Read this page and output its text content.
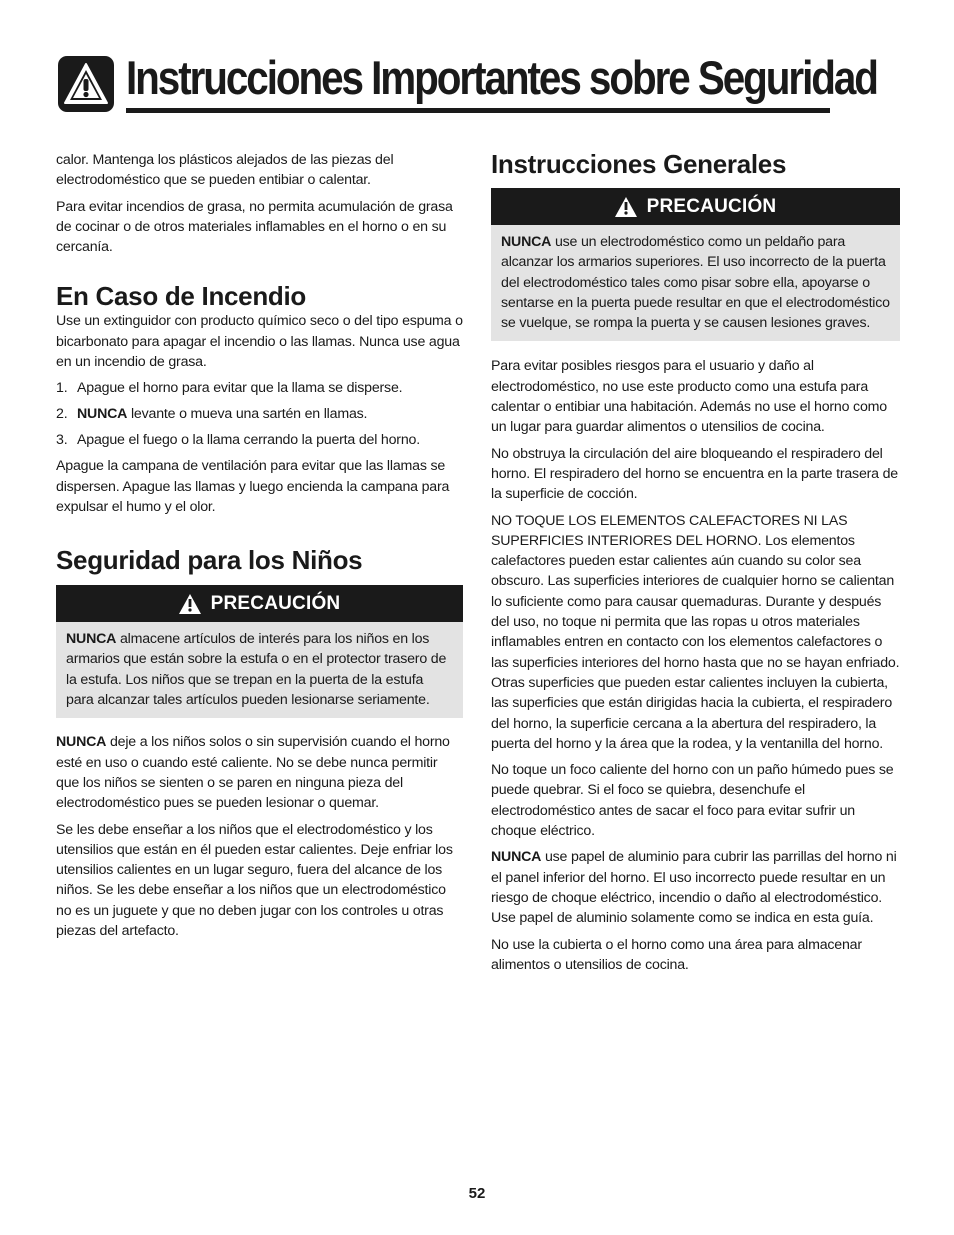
Instrucciones Importantes sobre Seguridad

calor. Mantenga los plásticos alejados de las piezas del electrodoméstico que se pueden entibiar o calentar.

Para evitar incendios de grasa, no permita acumulación de grasa de cocinar o de otros materiales inflamables en el horno o en su cercanía.

En Caso de Incendio

Use un extinguidor con producto químico seco o del tipo espuma o bicarbonato para apagar el incendio o las llamas. Nunca use agua en un incendio de grasa.

1. Apague el horno para evitar que la llama se disperse.
2. NUNCA levante o mueva una sartén en llamas.
3. Apague el fuego o la llama cerrando la puerta del horno.

Apague la campana de ventilación para evitar que las llamas se dispersen. Apague las llamas y luego encienda la campana para expulsar el humo y el olor.

Seguridad para los Niños
PRECAUCIÓN

NUNCA almacene artículos de interés para los niños en los armarios que están sobre la estufa o en el protector trasero de la estufa. Los niños que se trepan en la puerta de la estufa para alcanzar tales artículos pueden lesionarse seriamente.

NUNCA deje a los niños solos o sin supervisión cuando el horno esté en uso o cuando esté caliente. No se debe nunca permitir que los niños se sienten o se paren en ninguna pieza del electrodoméstico pues se pueden lesionar o quemar.

Se les debe enseñar a los niños que el electrodoméstico y los utensilios que están en él pueden estar calientes. Deje enfriar los utensilios calientes en un lugar seguro, fuera del alcance de los niños. Se les debe enseñar a los niños que un electrodoméstico no es un juguete y que no deben jugar con los controles u otras piezas del artefacto.

Instrucciones Generales
PRECAUCIÓN

NUNCA use un electrodoméstico como un peldaño para alcanzar los armarios superiores. El uso incorrecto de la puerta del electrodoméstico tales como pisar sobre ella, apoyarse o sentarse en la puerta puede resultar en que el electrodoméstico se vuelque, se rompa la puerta y se causen lesiones graves.

Para evitar posibles riesgos para el usuario y daño al electrodoméstico, no use este producto como una estufa para calentar o entibiar una habitación. Además no use el horno como un lugar para guardar alimentos o utensilios de cocina.

No obstruya la circulación del aire bloqueando el respiradero del horno. El respiradero del horno se encuentra en la parte trasera de la superficie de cocción.

NO TOQUE LOS ELEMENTOS CALEFACTORES NI LAS SUPERFICIES INTERIORES DEL HORNO. Los elementos calefactores pueden estar calientes aún cuando su color sea obscuro. Las superficies interiores de cualquier horno se calientan lo suficiente como para causar quemaduras. Durante y después del uso, no toque ni permita que las ropas u otros materiales inflamables entren en contacto con los elementos calefactores o las superficies interiores del horno hasta que no se hayan enfriado. Otras superficies que pueden estar calientes incluyen la cubierta, las superficies que están dirigidas hacia la cubierta, el respiradero del horno, la superficie cercana a la abertura del respiradero, la puerta del horno y la área que la rodea, y la ventanilla del horno.

No toque un foco caliente del horno con un paño húmedo pues se puede quebrar. Si el foco se quiebra, desenchufe el electrodoméstico antes de sacar el foco para evitar sufrir un choque eléctrico.

NUNCA use papel de aluminio para cubrir las parrillas del horno ni el panel inferior del horno. El uso incorrecto puede resultar en un riesgo de choque eléctrico, incendio o daño al electrodoméstico. Use papel de aluminio solamente como se indica en esta guía.

No use la cubierta o el horno como una área para almacenar alimentos o utensilios de cocina.

52
